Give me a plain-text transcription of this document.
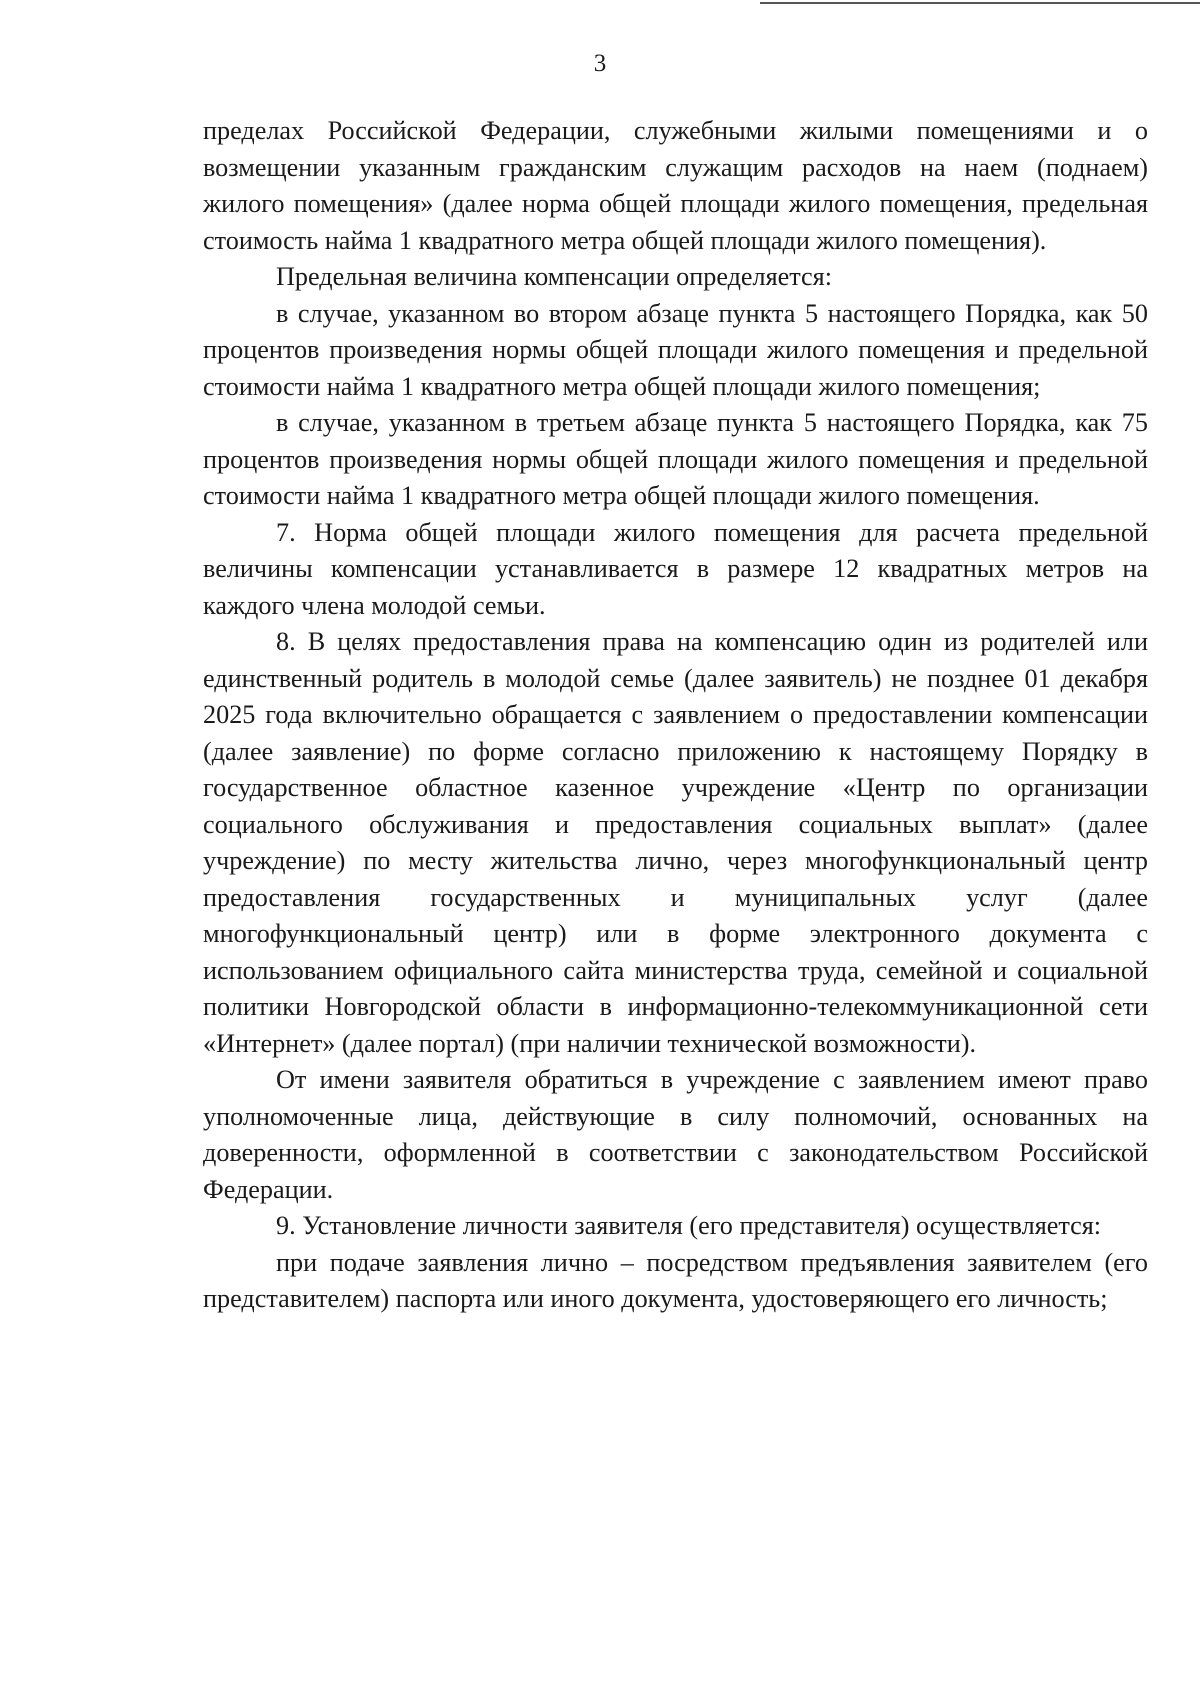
3

пределах Российской Федерации, служебными жилыми помещениями и о возмещении указанным гражданским служащим расходов на наем (поднаем) жилого помещения» (далее норма общей площади жилого помещения, предельная стоимость найма 1 квадратного метра общей площади жилого помещения).

Предельная величина компенсации определяется:

в случае, указанном во втором абзаце пункта 5 настоящего Порядка, как 50 процентов произведения нормы общей площади жилого помещения и предельной стоимости найма 1 квадратного метра общей площади жилого помещения;

в случае, указанном в третьем абзаце пункта 5 настоящего Порядка, как 75 процентов произведения нормы общей площади жилого помещения и предельной стоимости найма 1 квадратного метра общей площади жилого помещения.

7. Норма общей площади жилого помещения для расчета предельной величины компенсации устанавливается в размере 12 квадратных метров на каждого члена молодой семьи.

8. В целях предоставления права на компенсацию один из родителей или единственный родитель в молодой семье (далее заявитель) не позднее 01 декабря 2025 года включительно обращается с заявлением о предоставлении компенсации (далее заявление) по форме согласно приложению к настоящему Порядку в государственное областное казенное учреждение «Центр по организации социального обслуживания и предоставления социальных выплат» (далее учреждение) по месту жительства лично, через многофункциональный центр предоставления государственных и муниципальных услуг (далее многофункциональный центр) или в форме электронного документа с использованием официального сайта министерства труда, семейной и социальной политики Новгородской области в информационно-телекоммуникационной сети «Интернет» (далее портал) (при наличии технической возможности).

От имени заявителя обратиться в учреждение с заявлением имеют право уполномоченные лица, действующие в силу полномочий, основанных на доверенности, оформленной в соответствии с законодательством Российской Федерации.

9. Установление личности заявителя (его представителя) осуществляется:

при подаче заявления лично – посредством предъявления заявителем (его представителем) паспорта или иного документа, удостоверяющего его личность;
